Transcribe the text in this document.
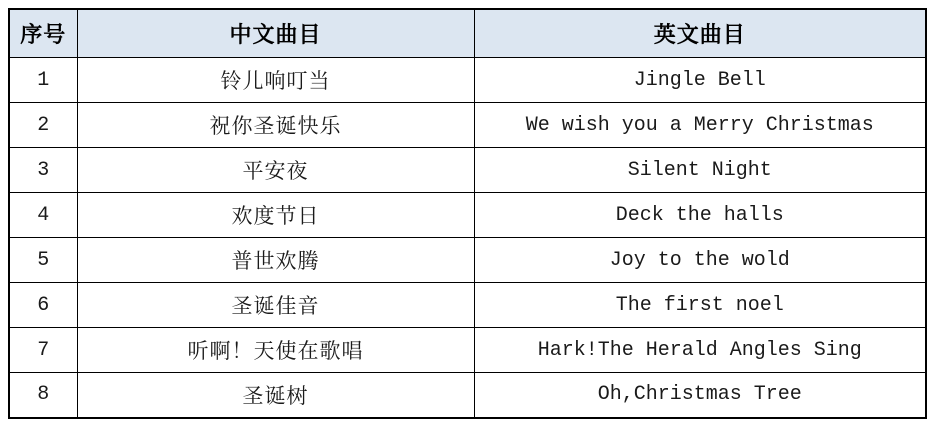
序号	中文曲目	英文曲目
1	铃儿响叮当	Jingle Bell
2	祝你圣诞快乐	We wish you a Merry Christmas
3	平安夜	Silent Night
4	欢度节日	Deck the halls
5	普世欢腾	Joy to the wold
6	圣诞佳音	The first noel
7	听啊！天使在歌唱	Hark!The Herald Angles Sing
8	圣诞树	Oh,Christmas Tree
